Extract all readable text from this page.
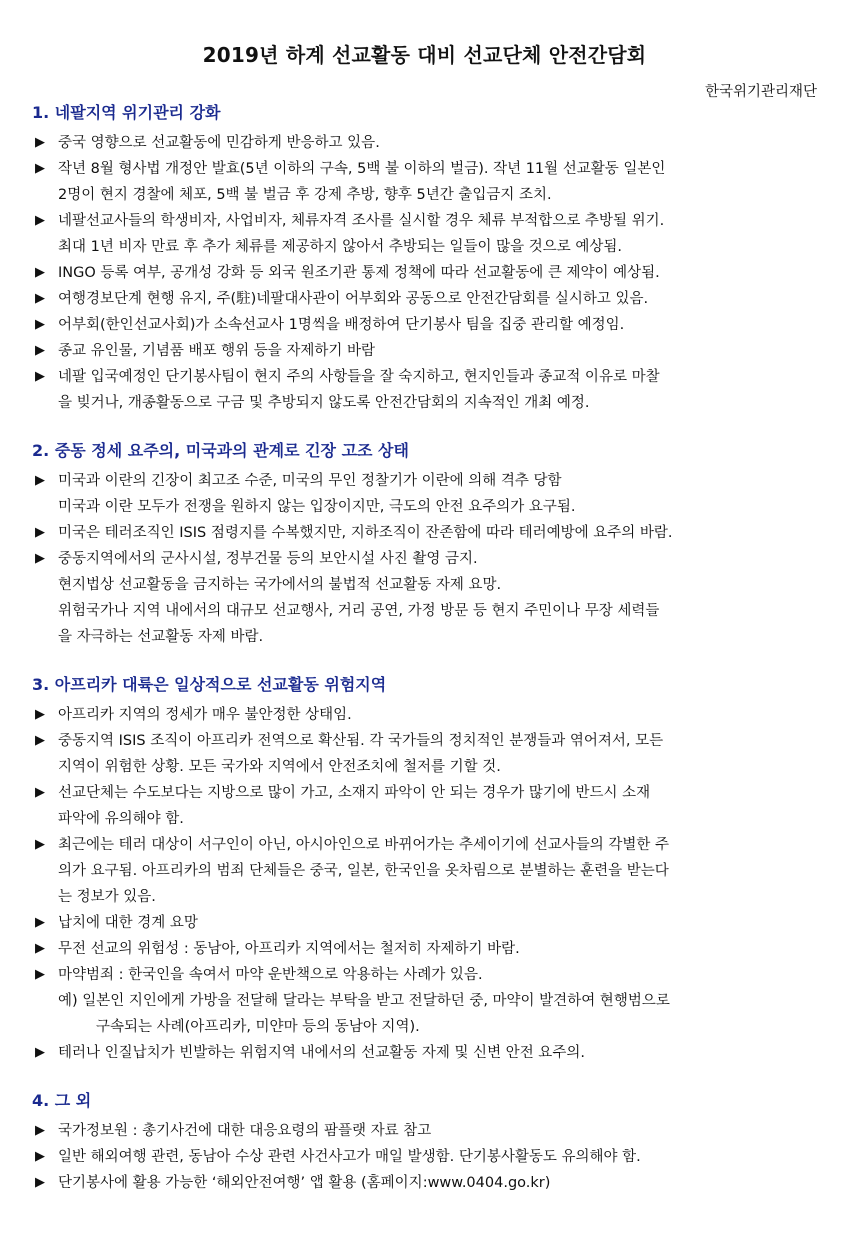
2019년 하계 선교활동 대비 선교단체 안전간담회
한국위기관리재단
1. 네팔지역 위기관리 강화
▶ 중국 영향으로 선교활동에 민감하게 반응하고 있음.
▶ 작년 8월 형사법 개정안 발효(5년 이하의 구속, 5백 불 이하의 벌금). 작년 11월 선교활동 일본인
2명이 현지 경찰에 체포, 5백 불 벌금 후 강제 추방, 향후 5년간 출입금지 조치.
▶ 네팔선교사들의 학생비자, 사업비자, 체류자격 조사를 실시할 경우 체류 부적합으로 추방될 위기.
최대 1년 비자 만료 후 추가 체류를 제공하지 않아서 추방되는 일들이 많을 것으로 예상됨.
▶ INGO 등록 여부, 공개성 강화 등 외국 원조기관 통제 정책에 따라 선교활동에 큰 제약이 예상됨.
▶ 여행경보단계 현행 유지, 주(駐)네팔대사관이 어부회와 공동으로 안전간담회를 실시하고 있음.
▶ 어부회(한인선교사회)가 소속선교사 1명씩을 배정하여 단기봉사 팀을 집중 관리할 예정임.
▶ 종교 유인물, 기념품 배포 행위 등을 자제하기 바람
▶ 네팔 입국예정인 단기봉사팀이 현지 주의 사항들을 잘 숙지하고, 현지인들과 종교적 이유로 마찰
을 빚거나, 개종활동으로 구금 및 추방되지 않도록 안전간담회의 지속적인 개최 예정.
2. 중동 정세 요주의, 미국과의 관계로 긴장 고조 상태
▶ 미국과 이란의 긴장이 최고조 수준, 미국의 무인 정찰기가 이란에 의해 격추 당함
미국과 이란 모두가 전쟁을 원하지 않는 입장이지만, 극도의 안전 요주의가 요구됨.
▶ 미국은 테러조직인 ISIS 점령지를 수복했지만, 지하조직이 잔존함에 따라 테러예방에 요주의 바람.
▶ 중동지역에서의 군사시설, 정부건물 등의 보안시설 사진 촬영 금지.
현지법상 선교활동을 금지하는 국가에서의 불법적 선교활동 자제 요망.
위험국가나 지역 내에서의 대규모 선교행사, 거리 공연, 가정 방문 등 현지 주민이나 무장 세력들
을 자극하는 선교활동 자제 바람.
3. 아프리카 대륙은 일상적으로 선교활동 위험지역
▶ 아프리카 지역의 정세가 매우 불안정한 상태임.
▶ 중동지역 ISIS 조직이 아프리카 전역으로 확산됨. 각 국가들의 정치적인 분쟁들과 엮어져서, 모든
지역이 위험한 상황. 모든 국가와 지역에서 안전조치에 철저를 기할 것.
▶ 선교단체는 수도보다는 지방으로 많이 가고, 소재지 파악이 안 되는 경우가 많기에 반드시 소재
파악에 유의해야 함.
▶ 최근에는 테러 대상이 서구인이 아닌, 아시아인으로 바뀌어가는 추세이기에 선교사들의 각별한 주
의가 요구됨. 아프리카의 범죄 단체들은 중국, 일본, 한국인을 옷차림으로 분별하는 훈련을 받는다
는 정보가 있음.
▶ 납치에 대한 경계 요망
▶ 무전 선교의 위험성 : 동남아, 아프리카 지역에서는 철저히 자제하기 바람.
▶ 마약범죄 : 한국인을 속여서 마약 운반책으로 악용하는 사례가 있음.
예) 일본인 지인에게 가방을 전달해 달라는 부탁을 받고 전달하던 중, 마약이 발견하여 현행범으로
구속되는 사례(아프리카, 미얀마 등의 동남아 지역).
▶ 테러나 인질납치가 빈발하는 위험지역 내에서의 선교활동 자제 및 신변 안전 요주의.
4. 그 외
▶ 국가정보원 : 총기사건에 대한 대응요령의 팜플랫 자료 참고
▶ 일반 해외여행 관련, 동남아 수상 관련 사건사고가 매일 발생함. 단기봉사활동도 유의해야 함.
▶ 단기봉사에 활용 가능한 ‘해외안전여행’ 앱 활용 (홈페이지:www.0404.go.kr)
